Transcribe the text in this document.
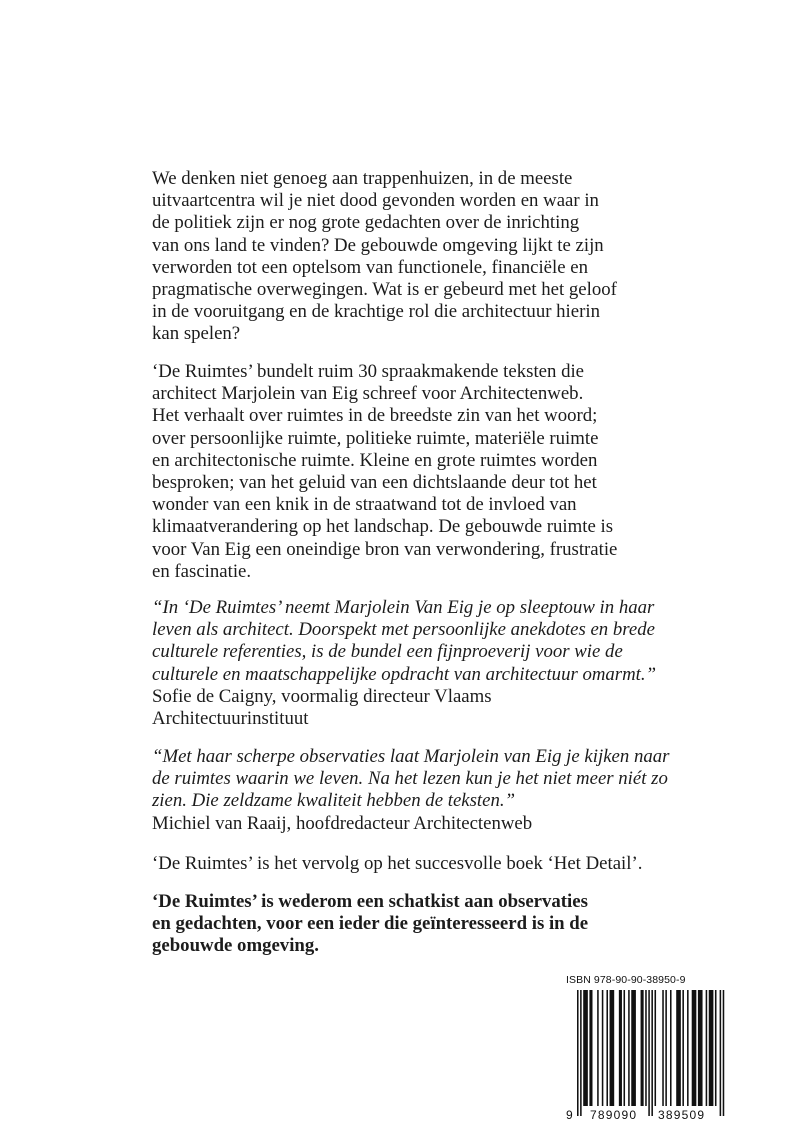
We denken niet genoeg aan trappenhuizen, in de meeste
uitvaartcentra wil je niet dood gevonden worden en waar in
de politiek zijn er nog grote gedachten over de inrichting
van ons land te vinden? De gebouwde omgeving lijkt te zijn
verworden tot een optelsom van functionele, financiële en
pragmatische overwegingen. Wat is er gebeurd met het geloof
in de vooruitgang en de krachtige rol die architectuur hierin
kan spelen?
‘De Ruimtes’ bundelt ruim 30 spraakmakende teksten die
architect Marjolein van Eig schreef voor Architectenweb.
Het verhaalt over ruimtes in de breedste zin van het woord;
over persoonlijke ruimte, politieke ruimte, materiële ruimte
en architectonische ruimte. Kleine en grote ruimtes worden
besproken; van het geluid van een dichtslaande deur tot het
wonder van een knik in de straatwand tot de invloed van
klimaatverandering op het landschap. De gebouwde ruimte is
voor Van Eig een oneindige bron van verwondering, frustratie
en fascinatie.
“In ‘De Ruimtes’ neemt Marjolein Van Eig je op sleeptouw in haar
leven als architect. Doorspekt met persoonlijke anekdotes en brede
culturele referenties, is de bundel een fijnproeverij voor wie de
culturele en maatschappelijke opdracht van architectuur omarmt.”
Sofie de Caigny, voormalig directeur Vlaams
Architectuurinstituut
“Met haar scherpe observaties laat Marjolein van Eig je kijken naar
de ruimtes waarin we leven. Na het lezen kun je het niet meer niét zo
zien. Die zeldzame kwaliteit hebben de teksten.”
Michiel van Raaij, hoofdredacteur Architectenweb
‘De Ruimtes’ is het vervolg op het succesvolle boek ‘Het Detail’.
‘De Ruimtes’ is wederom een schatkist aan observaties
en gedachten, voor een ieder die geïnteresseerd is in de
gebouwde omgeving.
ISBN 978-90-90-38950-9
9 789090 389509
